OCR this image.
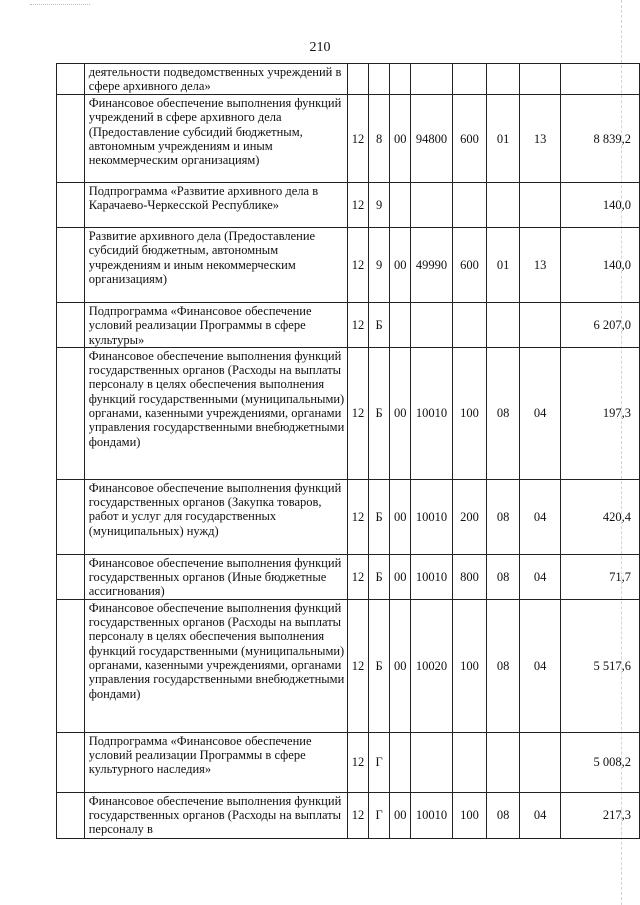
210
	деятельности подведомственных учреждений в сфере архивного дела»								
	Финансовое обеспечение выполнения функций учреждений в сфере архивного дела (Предоставление субсидий бюджетным, автономным учреждениям и иным некоммерческим организациям)	12	8	00	94800	600	01	13	8 839,2
	Подпрограмма «Развитие архивного дела в Карачаево-Черкесской Республике»	12	9						140,0
	Развитие архивного дела (Предоставление субсидий бюджетным, автономным учреждениям и иным некоммерческим организациям)	12	9	00	49990	600	01	13	140,0
	Подпрограмма «Финансовое обеспечение условий реализации Программы в сфере культуры»	12	Б						6 207,0
	Финансовое обеспечение выполнения функций государственных органов (Расходы на выплаты персоналу в целях обеспечения выполнения функций государственными (муниципальными) органами, казенными учреждениями, органами управления государственными внебюджетными фондами)	12	Б	00	10010	100	08	04	197,3
	Финансовое обеспечение выполнения функций государственных органов (Закупка товаров, работ и услуг для государственных (муниципальных) нужд)	12	Б	00	10010	200	08	04	420,4
	Финансовое обеспечение выполнения функций государственных органов (Иные бюджетные ассигнования)	12	Б	00	10010	800	08	04	71,7
	Финансовое обеспечение выполнения функций государственных органов (Расходы на выплаты персоналу в целях обеспечения выполнения функций государственными (муниципальными) органами, казенными учреждениями, органами управления государственными внебюджетными фондами)	12	Б	00	10020	100	08	04	5 517,6
	Подпрограмма «Финансовое обеспечение условий реализации Программы в сфере культурного наследия»	12	Г						5 008,2
	Финансовое обеспечение выполнения функций государственных органов (Расходы на выплаты персоналу в	12	Г	00	10010	100	08	04	217,3
